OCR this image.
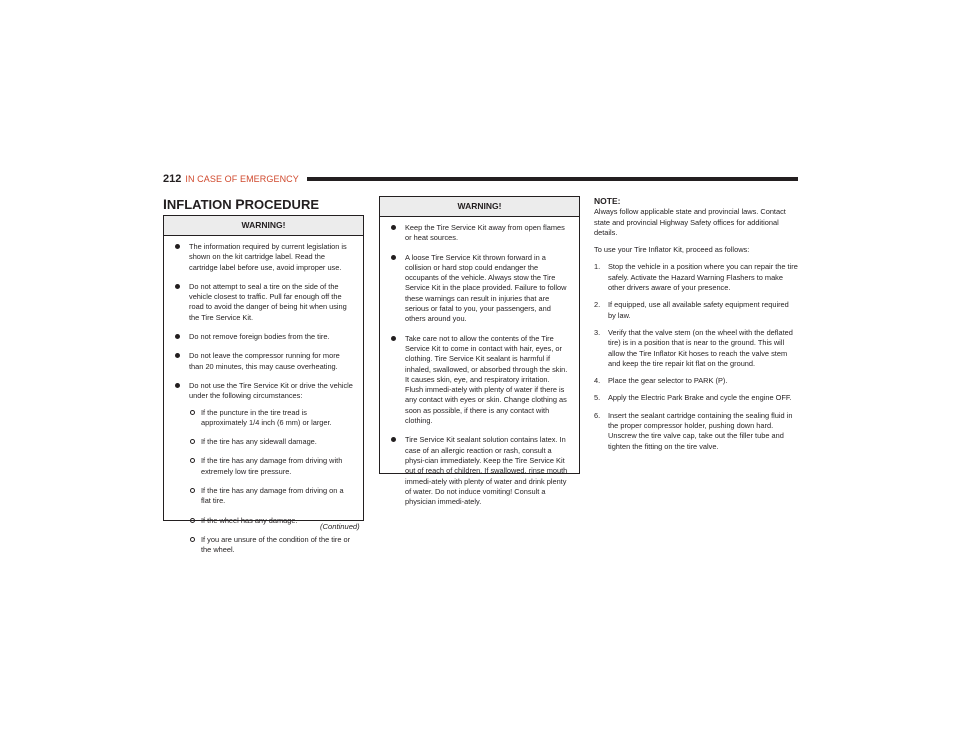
212 IN CASE OF EMERGENCY
INFLATION PROCEDURE
WARNING!
The information required by current legislation is shown on the kit cartridge label. Read the cartridge label before use, avoid improper use.
Do not attempt to seal a tire on the side of the vehicle closest to traffic. Pull far enough off the road to avoid the danger of being hit when using the Tire Service Kit.
Do not remove foreign bodies from the tire.
Do not leave the compressor running for more than 20 minutes, this may cause overheating.
Do not use the Tire Service Kit or drive the vehicle under the following circumstances:
If the puncture in the tire tread is approximately 1/4 inch (6 mm) or larger.
If the tire has any sidewall damage.
If the tire has any damage from driving with extremely low tire pressure.
If the tire has any damage from driving on a flat tire.
If the wheel has any damage.
If you are unsure of the condition of the tire or the wheel.
(Continued)
WARNING!
Keep the Tire Service Kit away from open flames or heat sources.
A loose Tire Service Kit thrown forward in a collision or hard stop could endanger the occupants of the vehicle. Always stow the Tire Service Kit in the place provided. Failure to follow these warnings can result in injuries that are serious or fatal to you, your passengers, and others around you.
Take care not to allow the contents of the Tire Service Kit to come in contact with hair, eyes, or clothing. Tire Service Kit sealant is harmful if inhaled, swallowed, or absorbed through the skin. It causes skin, eye, and respiratory irritation. Flush immedi-ately with plenty of water if there is any contact with eyes or skin. Change clothing as soon as possible, if there is any contact with clothing.
Tire Service Kit sealant solution contains latex. In case of an allergic reaction or rash, consult a physi-cian immediately. Keep the Tire Service Kit out of reach of children. If swallowed, rinse mouth immedi-ately with plenty of water and drink plenty of water. Do not induce vomiting! Consult a physician immedi-ately.
NOTE:

Always follow applicable state and provincial laws. Contact state and provincial Highway Safety offices for additional details.

To use your Tire Inflator Kit, proceed as follows:

1. Stop the vehicle in a position where you can repair the tire safely. Activate the Hazard Warning Flashers to make other drivers aware of your presence.
2. If equipped, use all available safety equipment required by law.
3. Verify that the valve stem (on the wheel with the deflated tire) is in a position that is near to the ground. This will allow the Tire Inflator Kit hoses to reach the valve stem and keep the tire repair kit flat on the ground.
4. Place the gear selector to PARK (P).
5. Apply the Electric Park Brake and cycle the engine OFF.
6. Insert the sealant cartridge containing the sealing fluid in the proper compressor holder, pushing down hard. Unscrew the tire valve cap, take out the filler tube and tighten the fitting on the tire valve.
